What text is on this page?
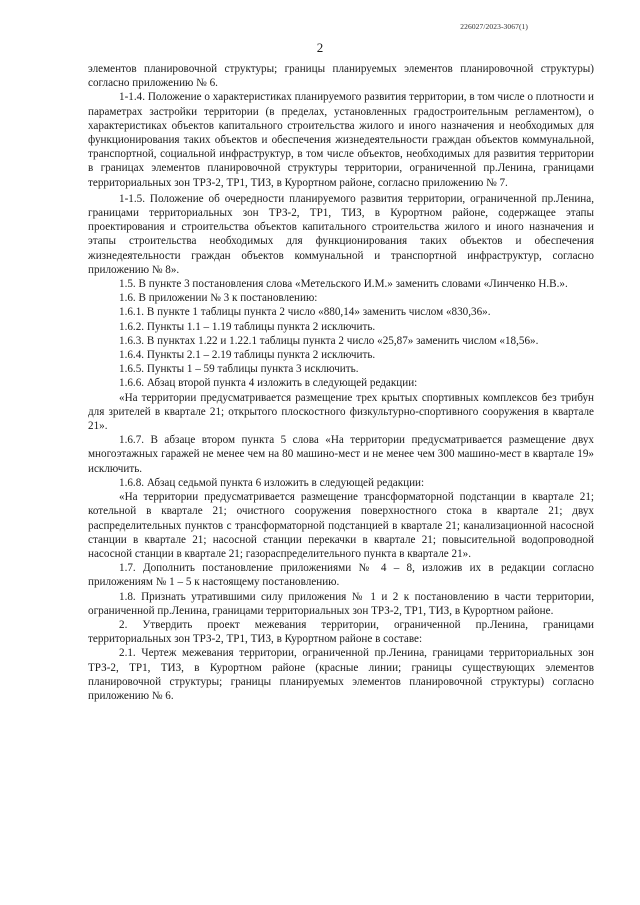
226027/2023-3067(1)
2

элементов планировочной структуры; границы планируемых элементов планировочной структуры) согласно приложению № 6.

1-1.4. Положение о характеристиках планируемого развития территории, в том числе о плотности и параметрах застройки территории (в пределах, установленных градостроительным регламентом), о характеристиках объектов капитального строительства жилого и иного назначения и необходимых для функционирования таких объектов и обеспечения жизнедеятельности граждан объектов коммунальной, транспортной, социальной инфраструктур, в том числе объектов, необходимых для развития территории в границах элементов планировочной структуры территории, ограниченной пр.Ленина, границами территориальных зон ТРЗ-2, ТР1, ТИЗ, в Курортном районе, согласно приложению № 7.

1-1.5. Положение об очередности планируемого развития территории, ограниченной пр.Ленина, границами территориальных зон ТРЗ-2, ТР1, ТИЗ, в Курортном районе, содержащее этапы проектирования и строительства объектов капитального строительства жилого и иного назначения и этапы строительства необходимых для функционирования таких объектов и обеспечения жизнедеятельности граждан объектов коммунальной и транспортной инфраструктур, согласно приложению № 8».

1.5. В пункте 3 постановления слова «Метельского И.М.» заменить словами «Линченко Н.В.».

1.6. В приложении № 3 к постановлению:

1.6.1. В пункте 1 таблицы пункта 2 число «880,14» заменить числом «830,36».

1.6.2. Пункты 1.1 – 1.19 таблицы пункта 2 исключить.

1.6.3. В пунктах 1.22 и 1.22.1 таблицы пункта 2 число «25,87» заменить числом «18,56».

1.6.4. Пункты 2.1 – 2.19 таблицы пункта 2 исключить.

1.6.5. Пункты 1 – 59 таблицы пункта 3 исключить.

1.6.6. Абзац второй пункта 4 изложить в следующей редакции:

«На территории предусматривается размещение трех крытых спортивных комплексов без трибун для зрителей в квартале 21; открытого плоскостного физкультурно-спортивного сооружения в квартале 21».

1.6.7. В абзаце втором пункта 5 слова «На территории предусматривается размещение двух многоэтажных гаражей не менее чем на 80 машино-мест и не менее чем 300 машино-мест в квартале 19» исключить.

1.6.8. Абзац седьмой пункта 6 изложить в следующей редакции:

«На территории предусматривается размещение трансформаторной подстанции в квартале 21; котельной в квартале 21; очистного сооружения поверхностного стока в квартале 21; двух распределительных пунктов с трансформаторной подстанцией в квартале 21; канализационной насосной станции в квартале 21; насосной станции перекачки в квартале 21; повысительной водопроводной насосной станции в квартале 21; газораспределительного пункта в квартале 21».

1.7. Дополнить постановление приложениями № 4 – 8, изложив их в редакции согласно приложениям № 1 – 5 к настоящему постановлению.

1.8. Признать утратившими силу приложения № 1 и 2 к постановлению в части территории, ограниченной пр.Ленина, границами территориальных зон ТРЗ-2, ТР1, ТИЗ, в Курортном районе.

2. Утвердить проект межевания территории, ограниченной пр.Ленина, границами территориальных зон ТРЗ-2, ТР1, ТИЗ, в Курортном районе в составе:

2.1. Чертеж межевания территории, ограниченной пр.Ленина, границами территориальных зон ТРЗ-2, ТР1, ТИЗ, в Курортном районе (красные линии; границы существующих элементов планировочной структуры; границы планируемых элементов планировочной структуры) согласно приложению № 6.
